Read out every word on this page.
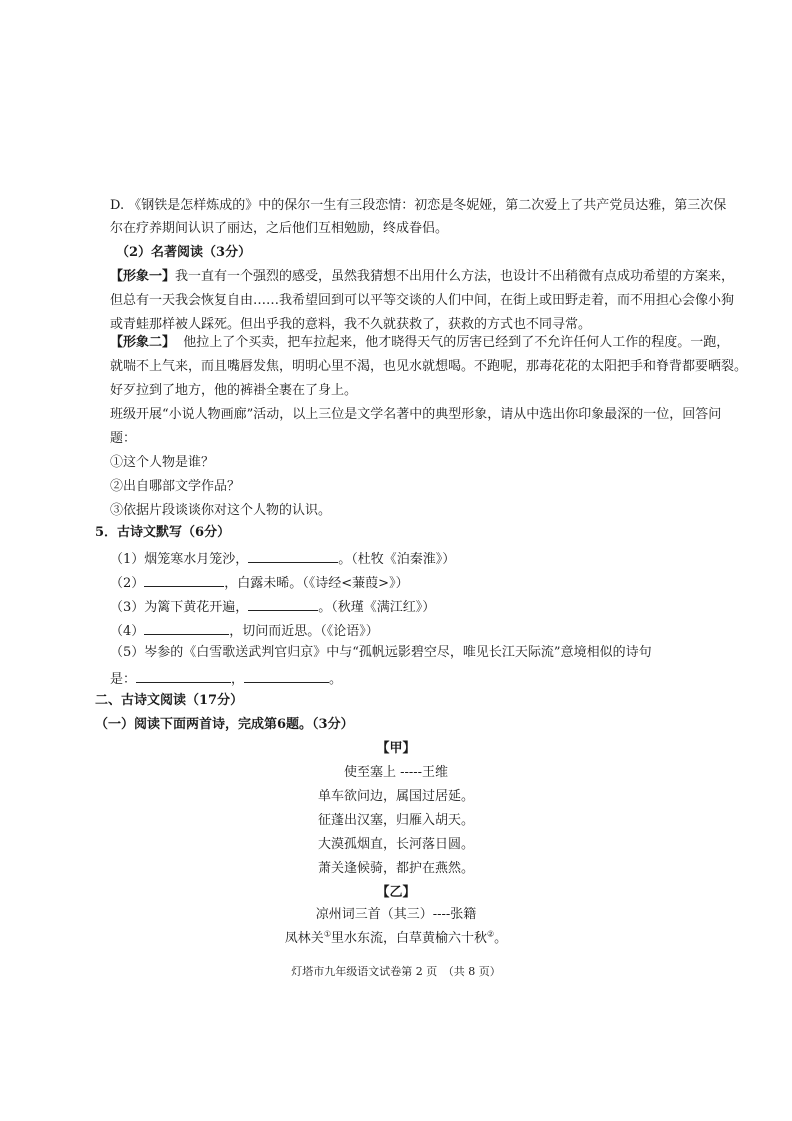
D. 《钢铁是怎样炼成的》中的保尔一生有三段恋情：初恋是冬妮娅，第二次爱上了共产党员达雅，第三次保
尔在疗养期间认识了丽达，之后他们互相勉励，终成眷侣。
（2）名著阅读（3分）
【形象一】我一直有一个强烈的感受，虽然我猜想不出用什么方法，也设计不出稍微有点成功希望的方案来，
但总有一天我会恢复自由……我希望回到可以平等交谈的人们中间，在街上或田野走着，而不用担心会像小狗
或青蛙那样被人踩死。但出乎我的意料，我不久就获救了，获救的方式也不同寻常。
【形象二】 他拉上了个买卖，把车拉起来，他才晓得天气的厉害已经到了不允许任何人工作的程度。一跑，
就喘不上气来，而且嘴唇发焦，明明心里不渴，也见水就想喝。不跑呢，那毒花花的太阳把手和脊背都要晒裂。
好歹拉到了地方，他的裤褂全裹在了身上。
班级开展“小说人物画廊”活动，以上三位是文学名著中的典型形象，请从中选出你印象最深的一位，回答问
题：
①这个人物是谁？
②出自哪部文学作品？
③依据片段谈谈你对这个人物的认识。
5．古诗文默写（6分）
（1）烟笼寒水月笼沙，	。（杜牧《泊秦淮》）
（2）	，白露未晞。（《诗经<蒹葭>》）
（3）为篱下黄花开遍，	。（秋瑾《满江红》）
（4）	，切问而近思。（《论语》）
（5）岑参的《白雪歌送武判官归京》中与“孤帆远影碧空尽，唯见长江天际流”意境相似的诗句
是：	，	。
二、古诗文阅读（17分）
（一）阅读下面两首诗，完成第6题。（3分）
【甲】
使至塞上 -----王维
单车欲问边，属国过居延。
征蓬出汉塞，归雁入胡天。
大漠孤烟直，长河落日圆。
萧关逢候骑，都护在燕然。
【乙】
凉州词三首（其三）----张籍
凤林关①里水东流，白草黄榆六十秋②。
灯塔市九年级语文试卷第 2 页　（共 8 页）
